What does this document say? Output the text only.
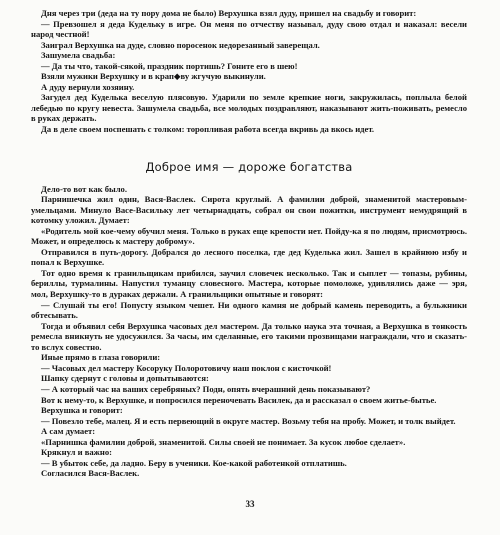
Дня через три (деда на ту пору дома не было) Верхушка взял дуду, пришел на свадьбу и говорит:

— Превзошел я деда Кудельку в игре. Он меня по отчеству называл, дуду свою отдал и наказал: весели народ честной!

Заиграл Верхушка на дуде, словно поросенок недорезанный заверещал.

Зашумела свадьба:

— Да ты что, такой-сякой, праздник портишь? Гоните его в шею!

Взяли мужики Верхушку и в крап◆ву жгучую выкинули.

А дуду вернули хозяину.

Загудел дед Куделька веселую плясовую. Ударили по земле крепкие ноги, закружилась, поплыла белой лебедью по кругу невеста. Зашумела свадьба, все молодых поздравляют, наказывают жить-поживать, ремесло в руках держать.

Да в деле своем поспешать с толком: торопливая работа всегда вкривь да вкось идет.

Доброе имя — дороже богатства

Дело-то вот как было.

Парнишечка жил один, Вася-Васлек. Сирота круглый. А фамилии доброй, знаменитой мастеровым-умельцами. Минуло Васе-Васильку лет четырнадцать, собрал он свои пожитки, инструмент немудрящий в котомку уложил. Думает:

«Родитель мой кое-чему обучил меня. Только в руках еще крепости нет. Пойду-ка я по людям, присмотрюсь. Может, и определюсь к мастеру доброму».

Отправился в путь-дорогу. Добрался до лесного поселка, где дед Куделька жил. Зашел в крайнюю избу и попал к Верхушке.

Тот одно время к гранильщикам прибился, заучил словечек несколько. Так и сыплет — топазы, рубины, бериллы, турмалины. Напустил туманцу словесного. Мастера, которые помоложе, удивлялись даже — эря, мол, Верхушку-то в дураках держали. А гранильщики опытные и говорят:

— Слушай ты его! Попусту языком чешет. Ни одного камня не добрый камень переводить, а бульжники обтесывать.

Тогда и объявил себя Верхушка часовых дел мастером. Да только наука эта точная, а Верхушка в тонкость ремесла вникнуть не удосужился. За часы, им сделанные, его такими прозвищами награждали, что и сказать-то вслух совестно.

Иные прямо в глаза говорили:

— Часовых дел мастеру Косоруку Полоротовичу наш поклон с кисточкой!

Шапку сдернут с головы и допытываются:

— А который час на ваших серебряных? Подн, опять вчерашний день показывают?

Вот к нему-то, к Верхушке, и попросился переночевать Василек, да и рассказал о своем житье-бытье.

Верхушка и говорит:

— Повезло тебе, малец. Я и есть первеющий в округе мастер. Возьму тебя на пробу. Может, и толк выйдет.

А сам думает:

«Парнишка фамилии доброй, знаменитой. Силы своей не понимает. За кусок любое сделает».

Крякнул и важно:

— В убыток себе, да ладно. Беру в ученики. Кое-какой работенкой отплатишь.

Согласился Вася-Васлек.

33
